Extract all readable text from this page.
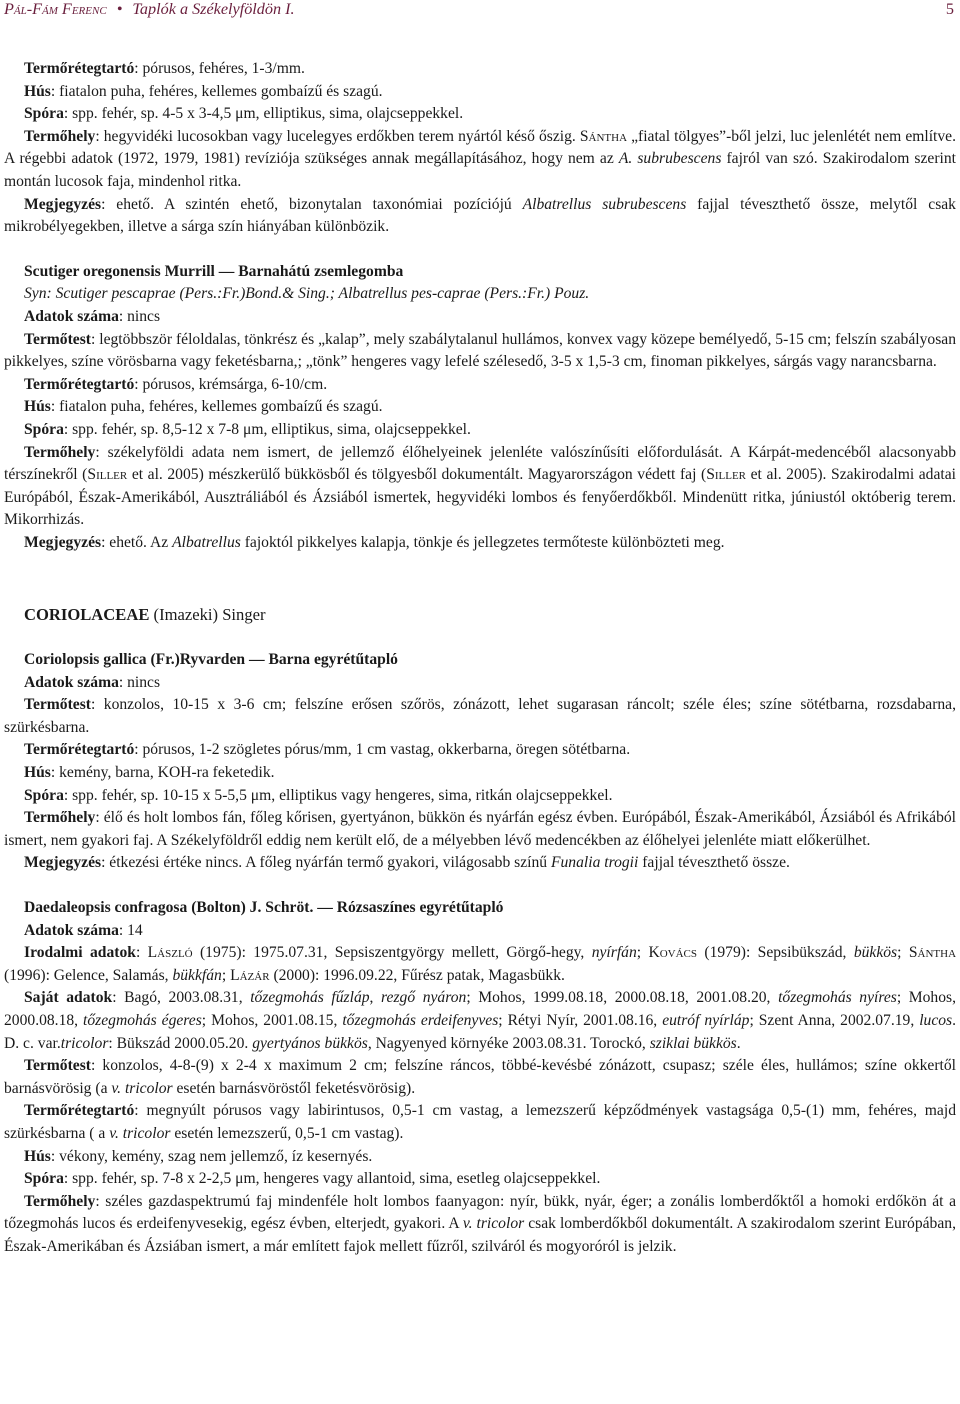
Pál-Fám Ferenc • Taplók a Székelyföldön I.	5

Termőrétegtartó: pórusos, fehéres, 1-3/mm.

Hús: fiatalon puha, fehéres, kellemes gombaízű és szagú.

Spóra: spp. fehér, sp. 4-5 x 3-4,5 μm, elliptikus, sima, olajcseppekkel.

Termőhely: hegyvidéki lucosokban vagy lucelegyes erdőkben terem nyártól késő őszig. Sántha „fiatal tölgyes”-ből jelzi, luc jelenlétét nem említve. A régebbi adatok (1972, 1979, 1981) revíziója szükséges annak megállapításához, hogy nem az A. subrubescens fajról van szó. Szakirodalom szerint montán lucosok faja, mindenhol ritka.

Megjegyzés: ehető. A szintén ehető, bizonytalan taxonómiai pozíciójú Albatrellus subrubescens fajjal téveszthető össze, melytől csak mikrobélyegekben, illetve a sárga szín hiányában különbözik.

Scutiger oregonensis Murrill — Barnahátú zsemlegomba

Syn: Scutiger pescaprae (Pers.:Fr.)Bond.& Sing.; Albatrellus pes-caprae (Pers.:Fr.) Pouz.

Adatok száma: nincs

Termőtest: legtöbbször féloldalas, tönkrész és „kalap”, mely szabálytalanul hullámos, konvex vagy közepe bemélyedő, 5-15 cm; felszín szabályosan pikkelyes, színe vörösbarna vagy feketésbarna,; „tönk” hengeres vagy lefelé szélesedő, 3-5 x 1,5-3 cm, finoman pikkelyes, sárgás vagy narancsbarna.

Termőrétegtartó: pórusos, krémsárga, 6-10/cm.

Hús: fiatalon puha, fehéres, kellemes gombaízű és szagú.

Spóra: spp. fehér, sp. 8,5-12 x 7-8 μm, elliptikus, sima, olajcseppekkel.

Termőhely: székelyföldi adata nem ismert, de jellemző élőhelyeinek jelenléte valószínűsíti előfordulását. A Kárpát-medencéből alacsonyabb térszínekről (Siller et al. 2005) mészkerülő bükkösből és tölgyesből dokumentált. Magyarországon védett faj (Siller et al. 2005). Szakirodalmi adatai Európából, Észak-Amerikából, Ausztráliából és Ázsiából ismertek, hegyvidéki lombos és fenyőerdőkből. Mindenütt ritka, júniustól októberig terem. Mikorrhizás.

Megjegyzés: ehető. Az Albatrellus fajoktól pikkelyes kalapja, tönkje és jellegzetes termőteste különbözteti meg.

CORIOLACEAE (Imazeki) Singer

Coriolopsis gallica (Fr.)Ryvarden — Barna egyrétűtapló

Adatok száma: nincs

Termőtest: konzolos, 10-15 x 3-6 cm; felszíne erősen szőrös, zónázott, lehet sugarasan ráncolt; széle éles; színe sötétbarna, rozsdabarna, szürkésbarna.

Termőrétegtartó: pórusos, 1-2 szögletes pórus/mm, 1 cm vastag, okkerbarna, öregen sötétbarna.

Hús: kemény, barna, KOH-ra feketedik.

Spóra: spp. fehér, sp. 10-15 x 5-5,5 μm, elliptikus vagy hengeres, sima, ritkán olajcseppekkel.

Termőhely: élő és holt lombos fán, főleg kőrisen, gyertyánon, bükkön és nyárfán egész évben. Európából, Észak-Amerikából, Ázsiából és Afrikából ismert, nem gyakori faj. A Székelyföldről eddig nem került elő, de a mélyebben lévő medencékben az élőhelyei jelenléte miatt előkerülhet.

Megjegyzés: étkezési értéke nincs. A főleg nyárfán termő gyakori, világosabb színű Funalia trogii fajjal téveszthető össze.

Daedaleopsis confragosa (Bolton) J. Schröt. — Rózsaszínes egyrétűtapló

Adatok száma: 14

Irodalmi adatok: László (1975): 1975.07.31, Sepsiszentgyörgy mellett, Görgő-hegy, nyírfán; Kovács (1979): Sepsibükszád, bükkös; Sántha (1996): Gelence, Salamás, bükkfán; Lázár (2000): 1996.09.22, Fűrész patak, Magasbükk.

Saját adatok: Bagó, 2003.08.31, tőzegmohás fűzláp, rezgő nyáron; Mohos, 1999.08.18, 2000.08.18, 2001.08.20, tőzegmohás nyíres; Mohos, 2000.08.18, tőzegmohás égeres; Mohos, 2001.08.15, tőzegmohás erdeifenyves; Rétyi Nyír, 2001.08.16, eutróf nyírláp; Szent Anna, 2002.07.19, lucos. D. c. var.tricolor: Bükszád 2000.05.20. gyertyános bükkös, Nagyenyed környéke 2003.08.31. Torockó, sziklai bükkös.

Termőtest: konzolos, 4-8-(9) x 2-4 x maximum 2 cm; felszíne ráncos, többé-kevésbé zónázott, csupasz; széle éles, hullámos; színe okkertől barnásvörösig (a v. tricolor esetén barnásvöröstől feketésvörösig).

Termőrétegtartó: megnyúlt pórusos vagy labirintusos, 0,5-1 cm vastag, a lemezszerű képződmények vastagsága 0,5-(1) mm, fehéres, majd szürkésbarna ( a v. tricolor esetén lemezszerű, 0,5-1 cm vastag).

Hús: vékony, kemény, szag nem jellemző, íz kesernyés.

Spóra: spp. fehér, sp. 7-8 x 2-2,5 μm, hengeres vagy allantoid, sima, esetleg olajcseppekkel.

Termőhely: széles gazdaspektrumú faj mindenféle holt lombos faanyagon: nyír, bükk, nyár, éger; a zonális lomberdőktől a homoki erdőkön át a tőzegmohás lucos és erdeifenyvesekig, egész évben, elterjedt, gyakori. A v. tricolor csak lomberdőkből dokumentált. A szakirodalom szerint Európában, Észak-Amerikában és Ázsiában ismert, a már említett fajok mellett fűzről, szilváról és mogyoróról is jelzik.
